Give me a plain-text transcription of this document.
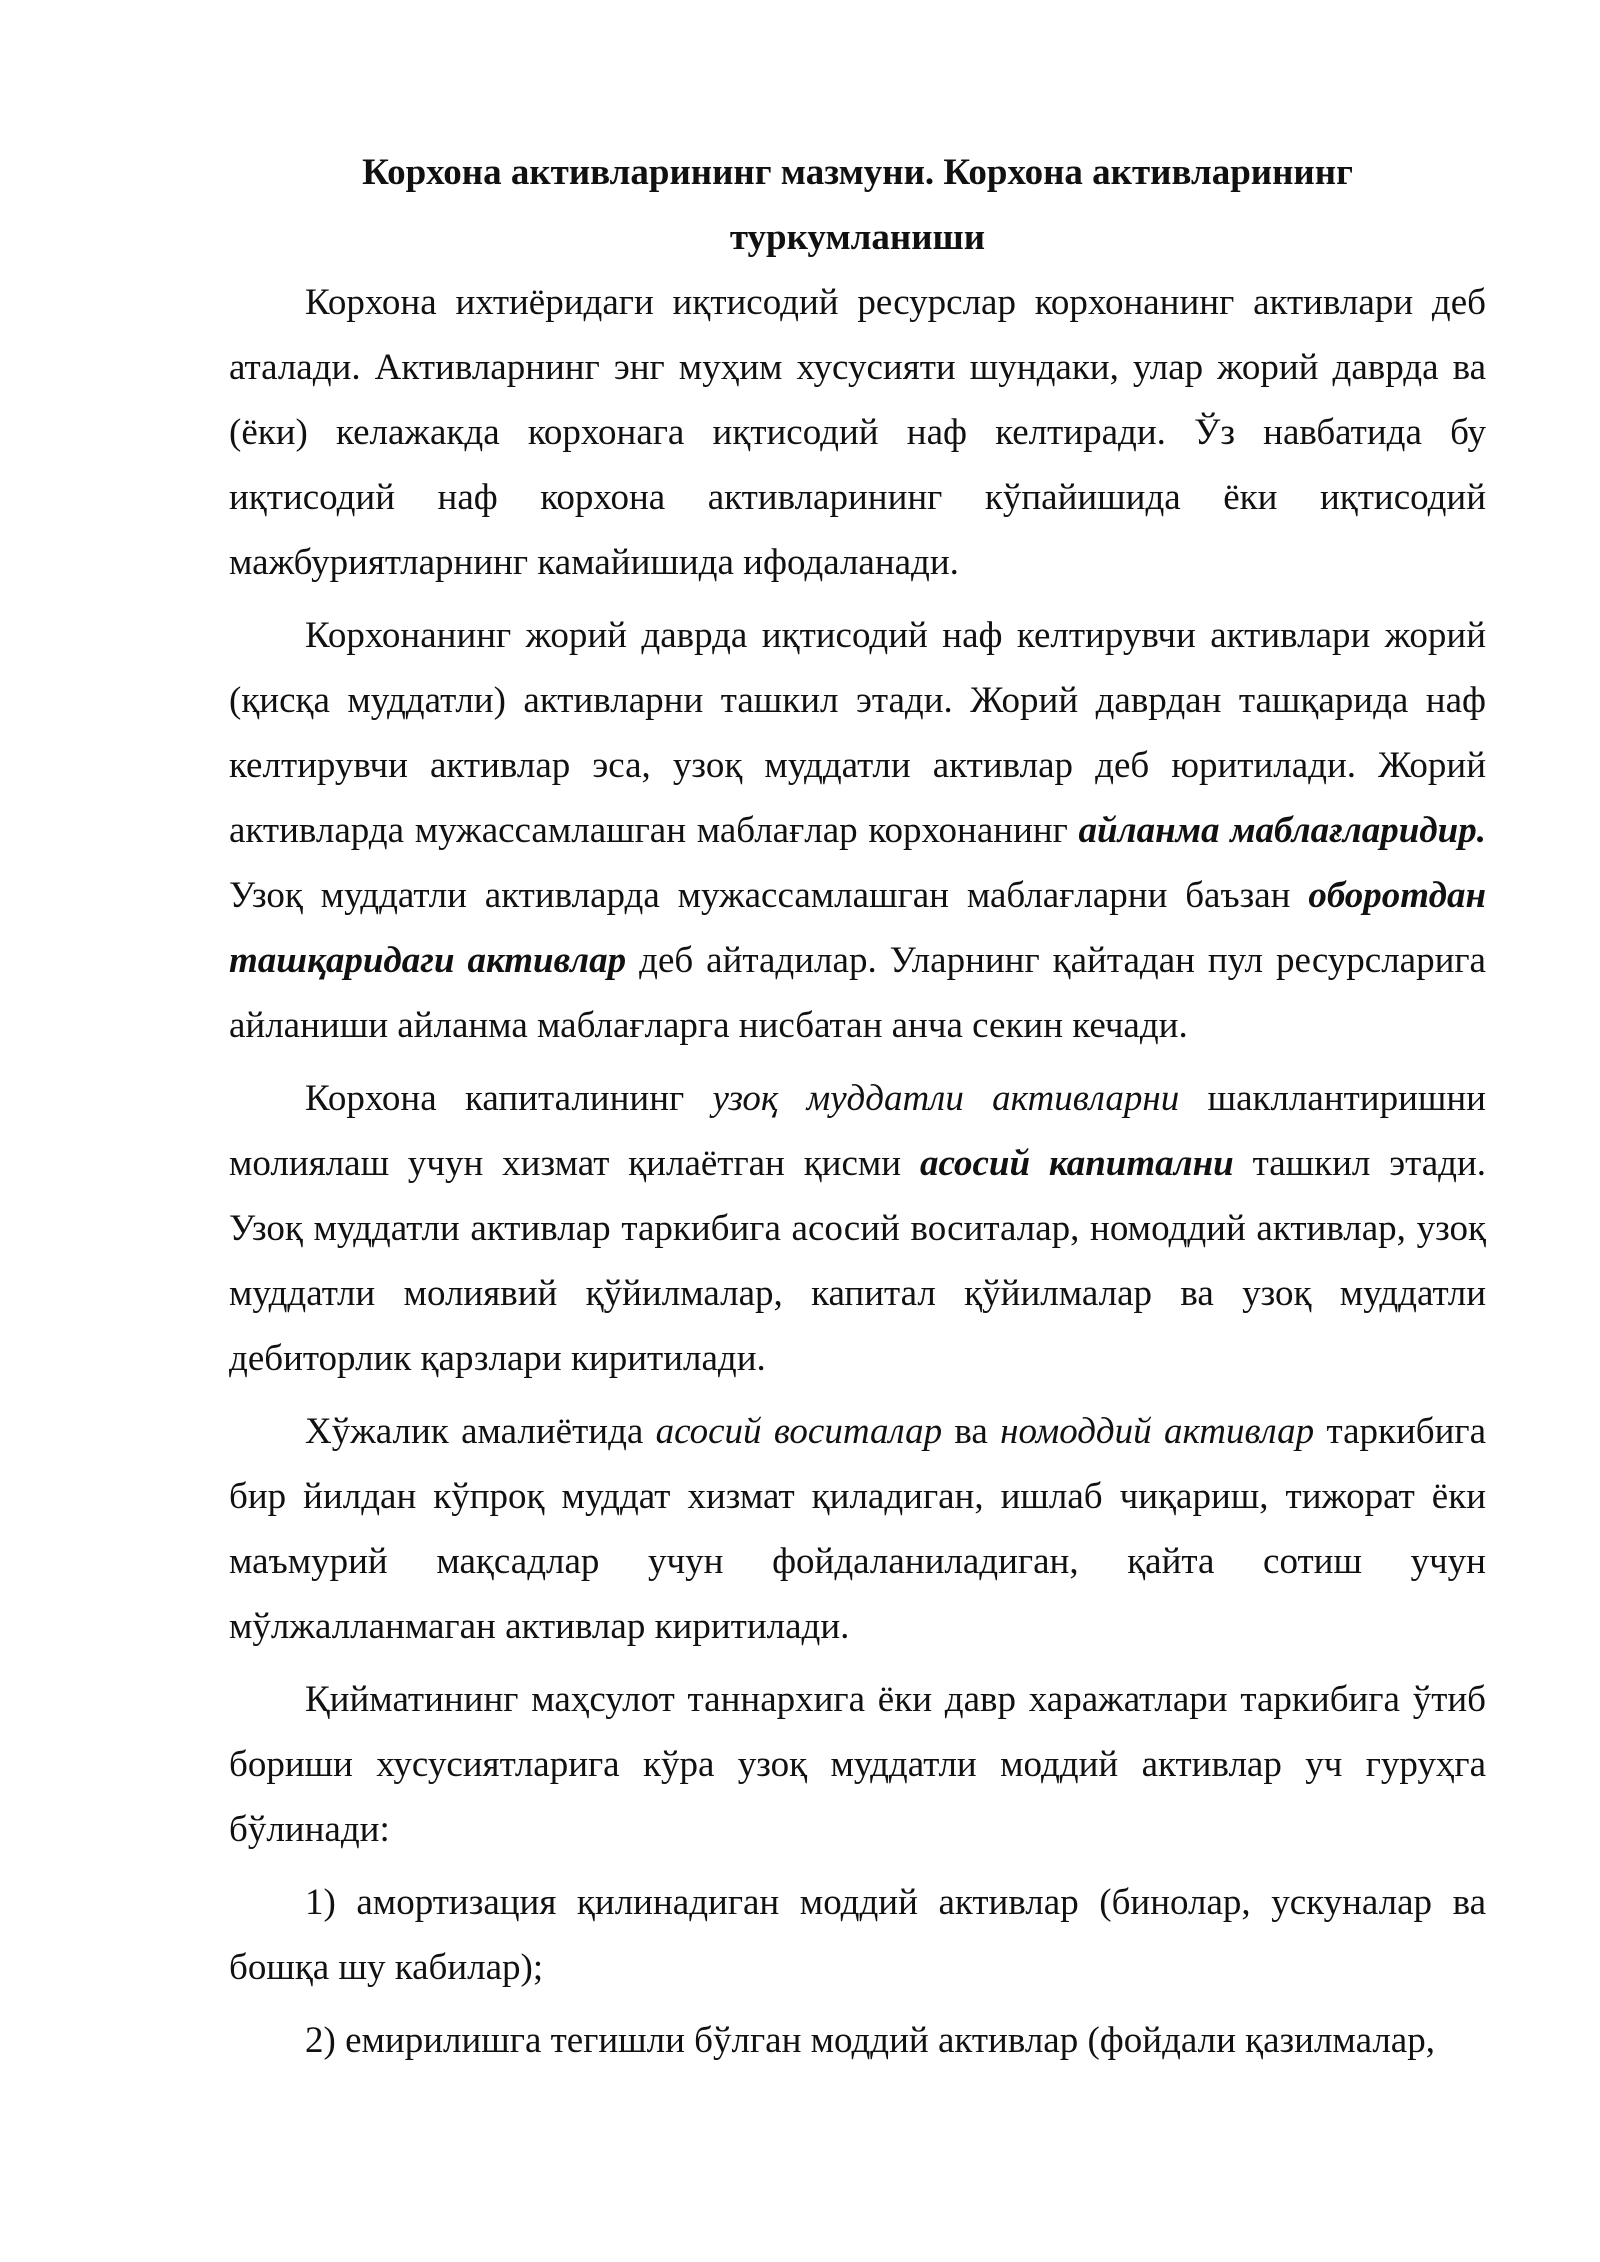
Корхона активларининг мазмуни. Корхона активларининг
туркумланиши

Корхона ихтиёридаги иқтисодий ресурслар корхонанинг активлари деб аталади. Активларнинг энг муҳим хусусияти шундаки, улар жорий даврда ва (ёки) келажакда корхонага иқтисодий наф келтиради. Ўз навбатида бу иқтисодий наф корхона активларининг кўпайишида ёки иқтисодий мажбуриятларнинг камайишида ифодаланади.

Корхонанинг жорий даврда иқтисодий наф келтирувчи активлари жорий (қисқа муддатли) активларни ташкил этади. Жорий даврдан ташқарида наф келтирувчи активлар эса, узоқ муддатли активлар деб юритилади. Жорий активларда мужассамлашган маблағлар корхонанинг айланма маблағларидир. Узоқ муддатли активларда мужассамлашган маблағларни баъзан оборотдан ташқаридаги активлар деб айтадилар. Уларнинг қайтадан пул ресурсларига айланиши айланма маблағларга нисбатан анча секин кечади.

Корхона капиталининг узоқ муддатли активларни шакллантиришни молиялаш учун хизмат қилаётган қисми асосий капитални ташкил этади. Узоқ муддатли активлар таркибига асосий воситалар, номоддий активлар, узоқ муддатли молиявий қўйилмалар, капитал қўйилмалар ва узоқ муддатли дебиторлик қарзлари киритилади.

Хўжалик амалиётида асосий воситалар ва номоддий активлар таркибига бир йилдан кўпроқ муддат хизмат қиладиган, ишлаб чиқариш, тижорат ёки маъмурий мақсадлар учун фойдаланиладиган, қайта сотиш учун мўлжалланмаган активлар киритилади.

Қийматининг маҳсулот таннархига ёки давр харажатлари таркибига ўтиб бориши хусусиятларига кўра узоқ муддатли моддий активлар уч гуруҳга бўлинади:

1) амортизация қилинадиган моддий активлар (бинолар, ускуналар ва бошқа шу кабилар);

2) емирилишга тегишли бўлган моддий активлар (фойдали қазилмалар,
